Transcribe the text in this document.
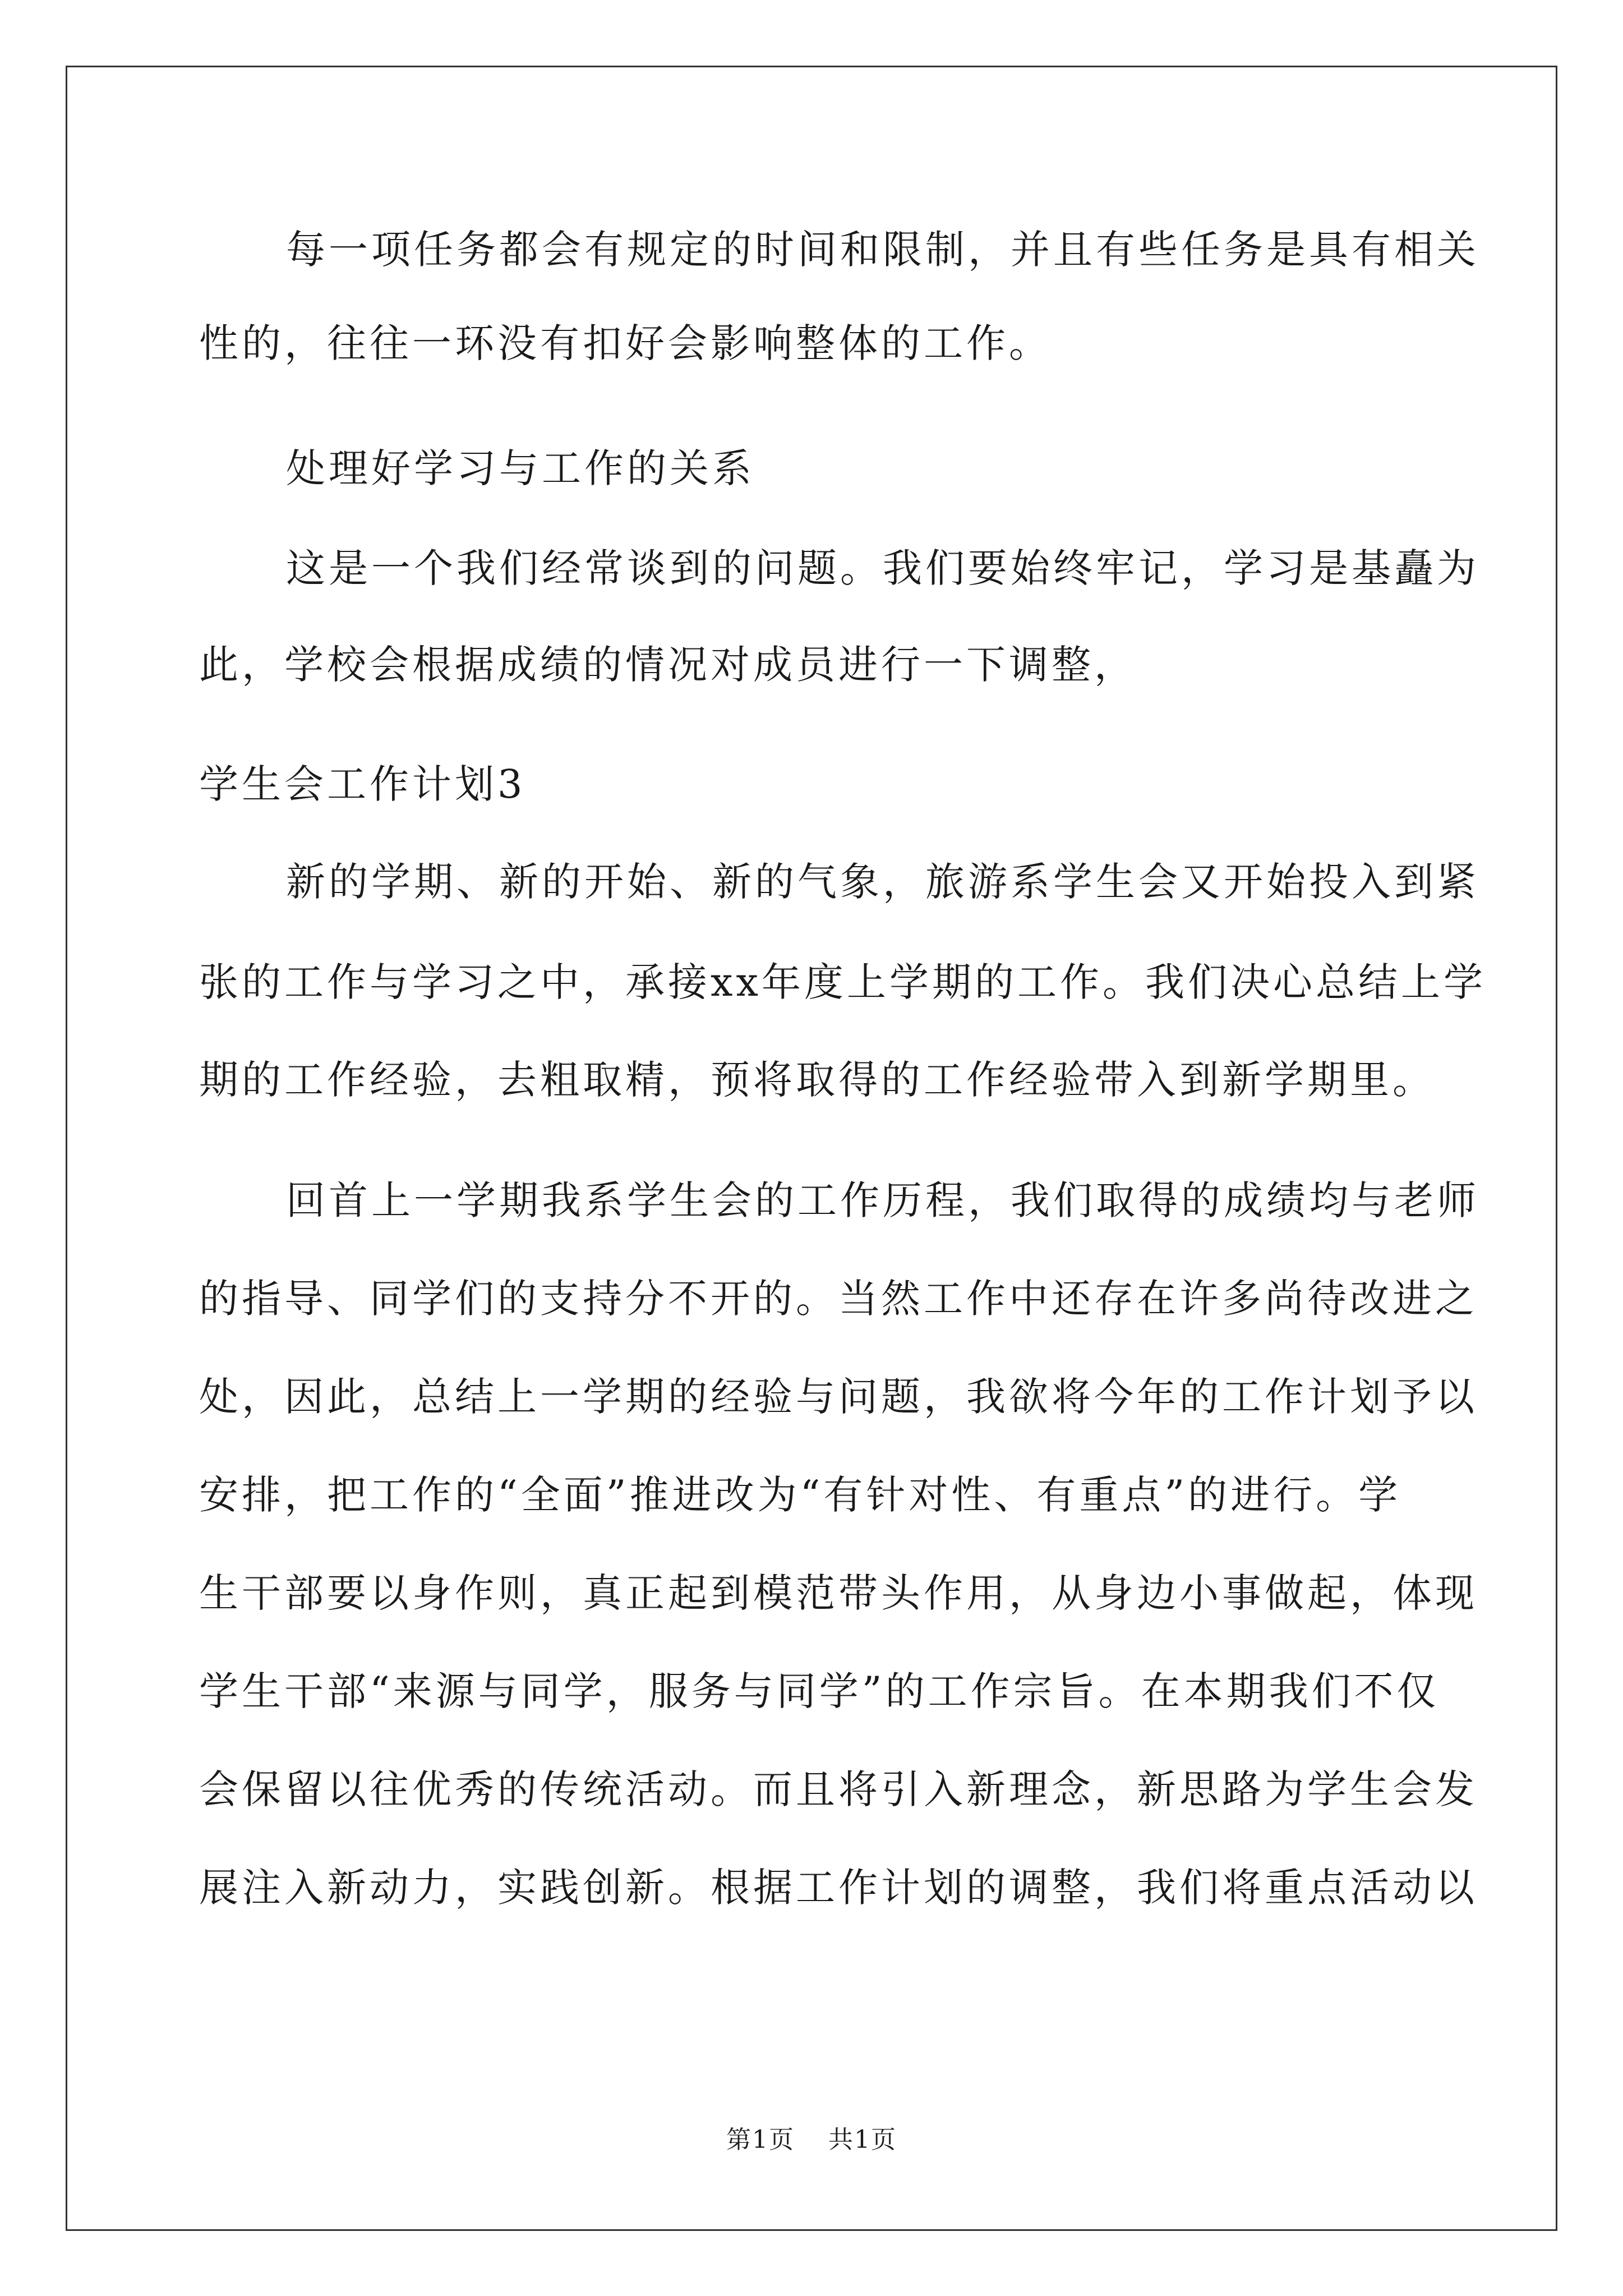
每一项任务都会有规定的时间和限制，并且有些任务是具有相关
性的，往往一环没有扣好会影响整体的工作。
处理好学习与工作的关系
这是一个我们经常谈到的问题。我们要始终牢记，学习是基矗为
此，学校会根据成绩的情况对成员进行一下调整，
学生会工作计划3
新的学期、新的开始、新的气象，旅游系学生会又开始投入到紧
张的工作与学习之中，承接xx年度上学期的工作。我们决心总结上学
期的工作经验，去粗取精，预将取得的工作经验带入到新学期里。
回首上一学期我系学生会的工作历程，我们取得的成绩均与老师
的指导、同学们的支持分不开的。当然工作中还存在许多尚待改进之
处，因此，总结上一学期的经验与问题，我欲将今年的工作计划予以
安排，把工作的“全面”推进改为“有针对性、有重点”的进行。学
生干部要以身作则，真正起到模范带头作用，从身边小事做起，体现
学生干部“来源与同学，服务与同学”的工作宗旨。在本期我们不仅
会保留以往优秀的传统活动。而且将引入新理念，新思路为学生会发
展注入新动力，实践创新。根据工作计划的调整，我们将重点活动以
第1页 共1页
